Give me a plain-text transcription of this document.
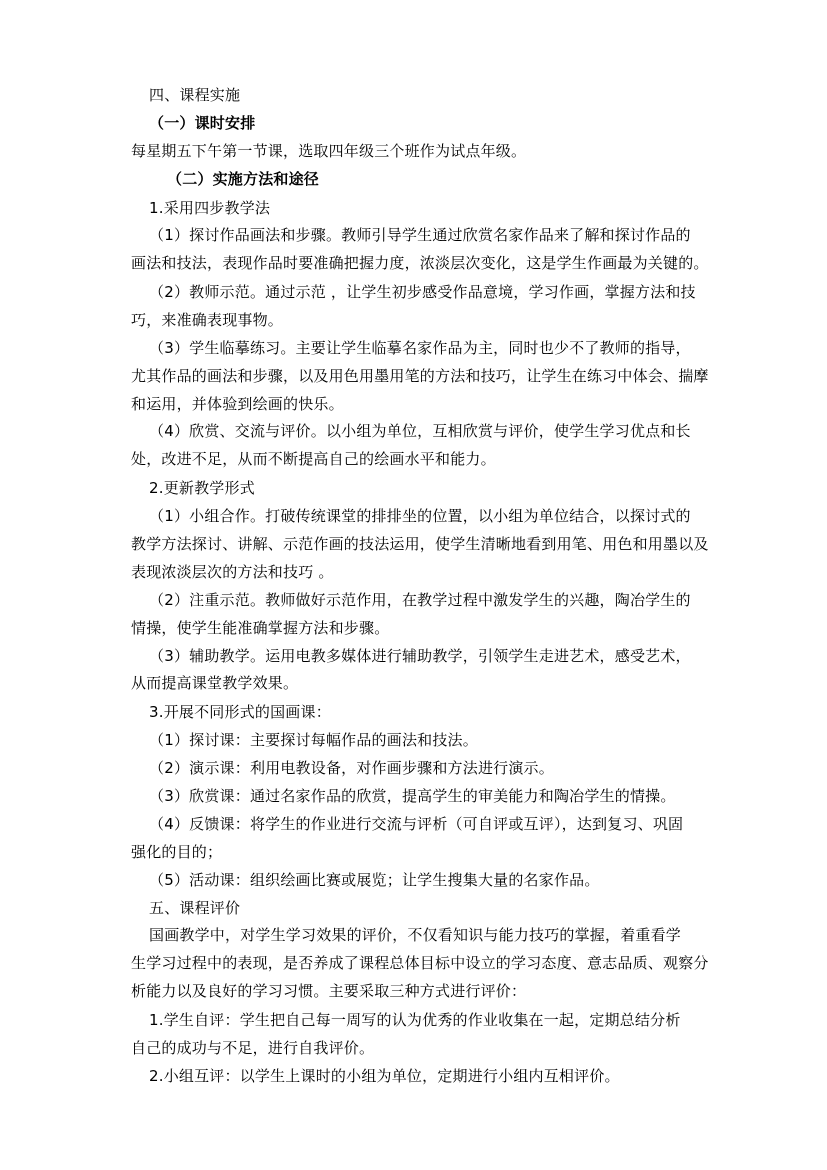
四、课程实施
（一）课时安排
每星期五下午第一节课，选取四年级三个班作为试点年级。
（二）实施方法和途径
1.采用四步教学法
（1）探讨作品画法和步骤。教师引导学生通过欣赏名家作品来了解和探讨作品的
画法和技法，表现作品时要准确把握力度，浓淡层次变化，这是学生作画最为关键的。
（2）教师示范。通过示范 ，让学生初步感受作品意境，学习作画，掌握方法和技
巧，来准确表现事物。
（3）学生临摹练习。主要让学生临摹名家作品为主，同时也少不了教师的指导，
尤其作品的画法和步骤，以及用色用墨用笔的方法和技巧，让学生在练习中体会、揣摩
和运用，并体验到绘画的快乐。
（4）欣赏、交流与评价。以小组为单位，互相欣赏与评价，使学生学习优点和长
处，改进不足，从而不断提高自己的绘画水平和能力。
2.更新教学形式
（1）小组合作。打破传统课堂的排排坐的位置，以小组为单位结合，以探讨式的
教学方法探讨、讲解、示范作画的技法运用，使学生清晰地看到用笔、用色和用墨以及
表现浓淡层次的方法和技巧 。
（2）注重示范。教师做好示范作用，在教学过程中激发学生的兴趣，陶冶学生的
情操，使学生能准确掌握方法和步骤。
（3）辅助教学。运用电教多媒体进行辅助教学，引领学生走进艺术，感受艺术，
从而提高课堂教学效果。
3.开展不同形式的国画课：
（1）探讨课：主要探讨每幅作品的画法和技法。
（2）演示课：利用电教设备，对作画步骤和方法进行演示。
（3）欣赏课：通过名家作品的欣赏，提高学生的审美能力和陶冶学生的情操。
（4）反馈课：将学生的作业进行交流与评析（可自评或互评），达到复习、巩固
强化的目的；
（5）活动课：组织绘画比赛或展览；让学生搜集大量的名家作品。
五、课程评价
国画教学中，对学生学习效果的评价，不仅看知识与能力技巧的掌握，着重看学
生学习过程中的表现，是否养成了课程总体目标中设立的学习态度、意志品质、观察分
析能力以及良好的学习习惯。主要采取三种方式进行评价：
1.学生自评：学生把自己每一周写的认为优秀的作业收集在一起，定期总结分析
自己的成功与不足，进行自我评价。
2.小组互评：以学生上课时的小组为单位，定期进行小组内互相评价。
